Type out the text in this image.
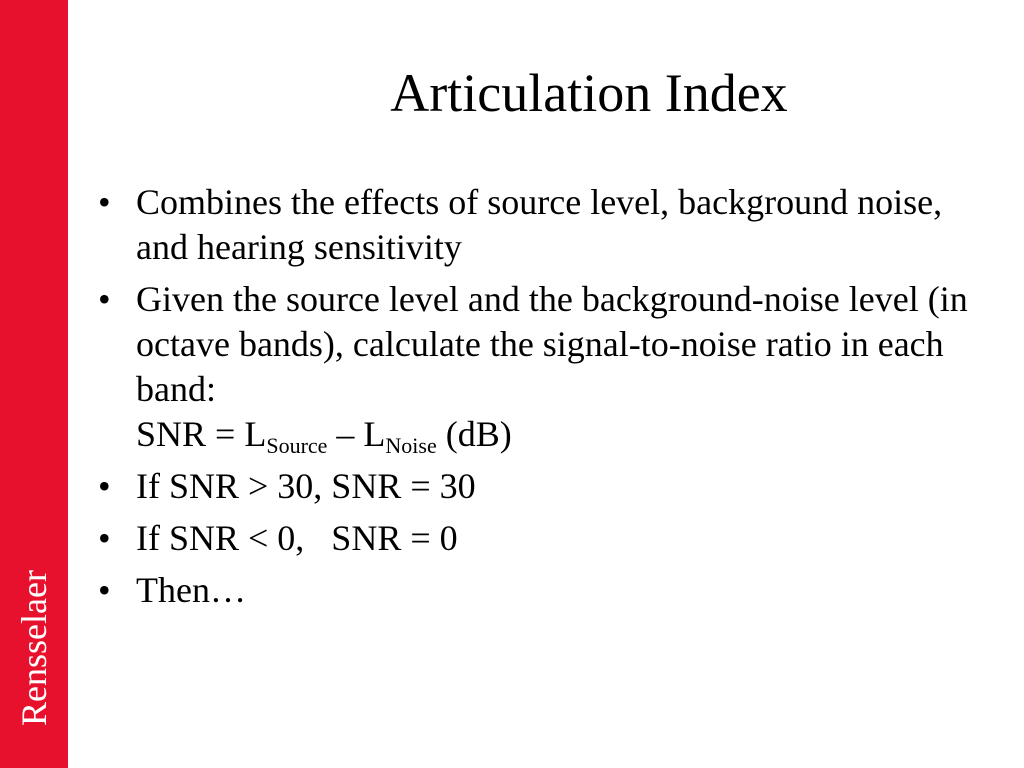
Rensselaer
Articulation Index
• Combines the effects of source level, background noise, and hearing sensitivity
• Given the source level and the background-noise level (in octave bands), calculate the signal-to-noise ratio in each band:
SNR = $L_{Source} - L_{Noise}$ (dB)
• If SNR > 30, SNR = 30
• If SNR < 0,   SNR = 0
• Then…
